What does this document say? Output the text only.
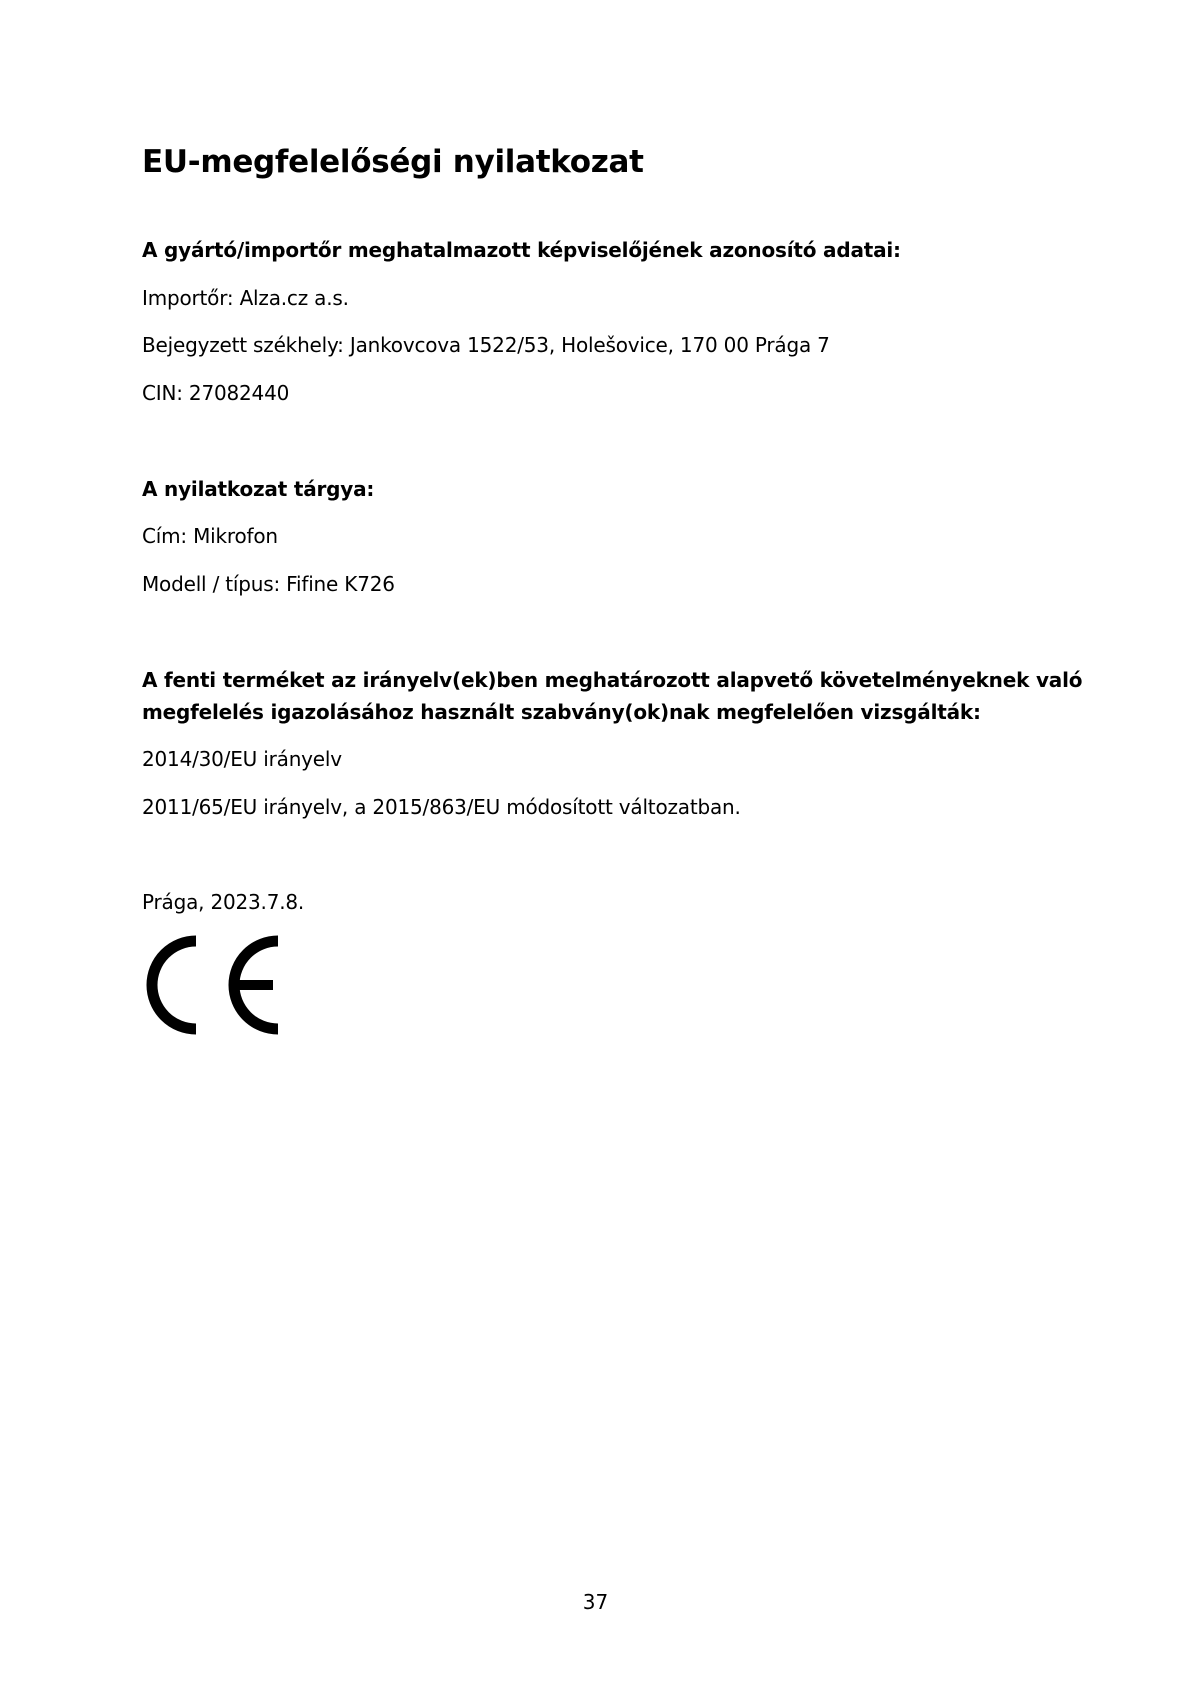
EU-megfelelőségi nyilatkozat

A gyártó/importőr meghatalmazott képviselőjének azonosító adatai:

Importőr: Alza.cz a.s.

Bejegyzett székhely: Jankovcova 1522/53, Holešovice, 170 00 Prága 7

CIN: 27082440

A nyilatkozat tárgya:

Cím: Mikrofon

Modell / típus: Fifine K726

A fenti terméket az irányelv(ek)ben meghatározott alapvető követelményeknek való
megfelelés igazolásához használt szabvány(ok)nak megfelelően vizsgálták:

2014/30/EU irányelv

2011/65/EU irányelv, a 2015/863/EU módosított változatban.

Prága, 2023.7.8.

37
